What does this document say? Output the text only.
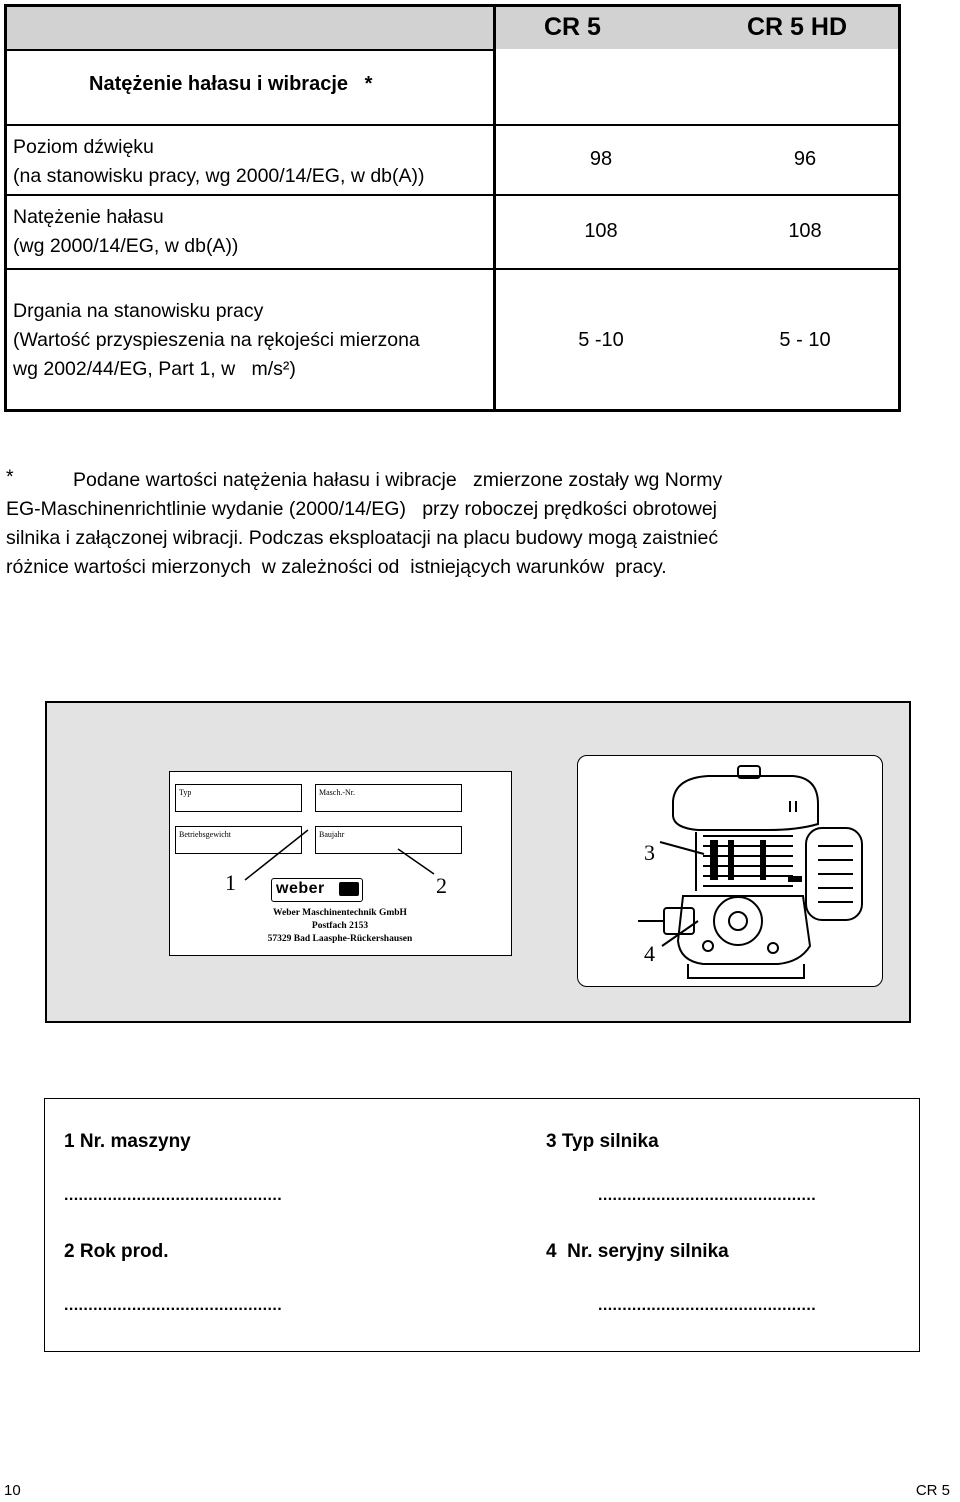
CR 5	CR 5 HD
Natężenie hałasu i wibracje   *
Poziom dźwięku
(na stanowisku pracy, wg 2000/14/EG, w db(A))
98	96
Natężenie hałasu
(wg 2000/14/EG, w db(A))
108	108
Drgania na stanowisku pracy
(Wartość przyspieszenia na rękojeści mierzona
wg 2002/44/EG, Part 1, w   m/s²)
5 -10	5 - 10
*	Podane wartości natężenia hałasu i wibracje   zmierzone zostały wg Normy

EG-Maschinenrichtlinie wydanie (2000/14/EG)   przy roboczej prędkości obrotowej

silnika i załączonej wibracji. Podczas eksploatacji na placu budowy mogą zaistnieć

różnice wartości mierzonych  w zależności od  istniejących warunków  pracy.

Typ	Masch.-Nr.
Betriebsgewicht	Baujahr
1	2
weber
Weber Maschinentechnik GmbH
Postfach 2153
57329 Bad Laasphe-Rückershausen
3
4
1 Nr. maszyny
.............................................
2 Rok prod.
.............................................
3 Typ silnika
.............................................
4  Nr. seryjny silnika
.............................................
10	CR 5
